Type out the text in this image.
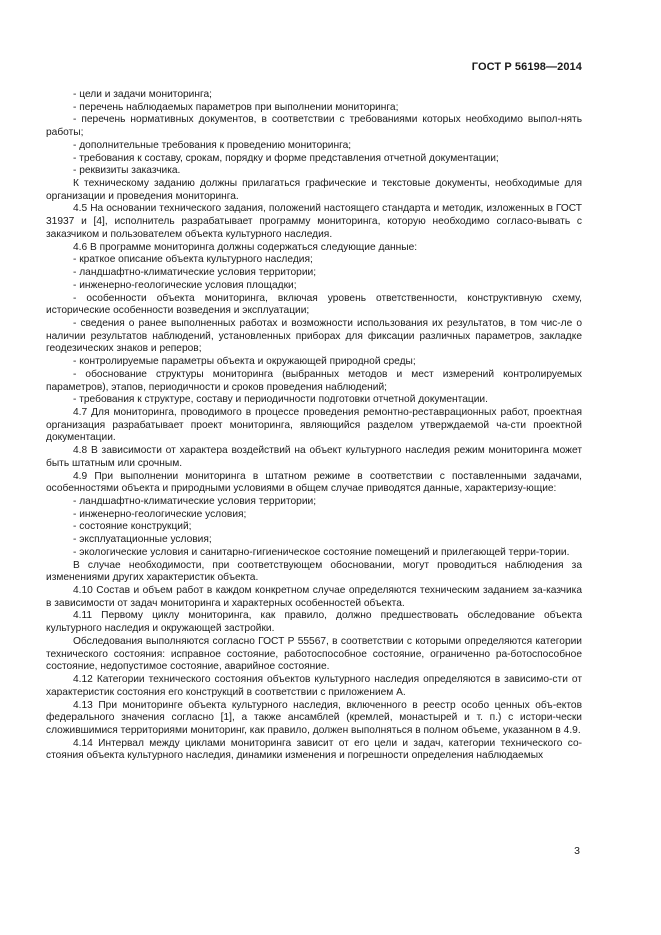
ГОСТ Р 56198—2014

- цели и задачи мониторинга;

- перечень наблюдаемых параметров при выполнении мониторинга;

- перечень нормативных документов, в соответствии с требованиями которых необходимо выпол-нять работы;

- дополнительные требования к проведению мониторинга;

- требования к составу, срокам, порядку и форме представления отчетной документации;

- реквизиты заказчика.

К техническому заданию должны прилагаться графические и текстовые документы, необходимые для организации и проведения мониторинга.

4.5 На основании технического задания, положений настоящего стандарта и методик, изложенных в ГОСТ 31937 и [4], исполнитель разрабатывает программу мониторинга, которую необходимо согласо-вывать с заказчиком и пользователем объекта культурного наследия.

4.6 В программе мониторинга должны содержаться следующие данные:

- краткое описание объекта культурного наследия;

- ландшафтно-климатические условия территории;

- инженерно-геологические условия площадки;

- особенности объекта мониторинга, включая уровень ответственности, конструктивную схему, исторические особенности возведения и эксплуатации;

- сведения о ранее выполненных работах и возможности использования их результатов, в том чис-ле о наличии результатов наблюдений, установленных приборах для фиксации различных параметров, закладке геодезических знаков и реперов;

- контролируемые параметры объекта и окружающей природной среды;

- обоснование структуры мониторинга (выбранных методов и мест измерений контролируемых параметров), этапов, периодичности и сроков проведения наблюдений;

- требования к структуре, составу и периодичности подготовки отчетной документации.

4.7 Для мониторинга, проводимого в процессе проведения ремонтно-реставрационных работ, проектная организация разрабатывает проект мониторинга, являющийся разделом утверждаемой ча-сти проектной документации.

4.8 В зависимости от характера воздействий на объект культурного наследия режим мониторинга может быть штатным или срочным.

4.9 При выполнении мониторинга в штатном режиме в соответствии с поставленными задачами, особенностями объекта и природными условиями в общем случае приводятся данные, характеризу-ющие:

- ландшафтно-климатические условия территории;

- инженерно-геологические условия;

- состояние конструкций;

- эксплуатационные условия;

- экологические условия и санитарно-гигиеническое состояние помещений и прилегающей терри-тории.

В случае необходимости, при соответствующем обосновании, могут проводиться наблюдения за изменениями других характеристик объекта.

4.10 Состав и объем работ в каждом конкретном случае определяются техническим заданием за-казчика в зависимости от задач мониторинга и характерных особенностей объекта.

4.11 Первому циклу мониторинга, как правило, должно предшествовать обследование объекта культурного наследия и окружающей застройки.

Обследования выполняются согласно ГОСТ Р 55567, в соответствии с которыми определяются категории технического состояния: исправное состояние, работоспособное состояние, ограниченно ра-ботоспособное состояние, недопустимое состояние, аварийное состояние.

4.12 Категории технического состояния объектов культурного наследия определяются в зависимо-сти от характеристик состояния его конструкций в соответствии с приложением А.

4.13 При мониторинге объекта культурного наследия, включенного в реестр особо ценных объ-ектов федерального значения согласно [1], а также ансамблей (кремлей, монастырей и т. п.) с истори-чески сложившимися территориями мониторинг, как правило, должен выполняться в полном объеме, указанном в 4.9.

4.14 Интервал между циклами мониторинга зависит от его цели и задач, категории технического со-стояния объекта культурного наследия, динамики изменения и погрешности определения наблюдаемых

3
